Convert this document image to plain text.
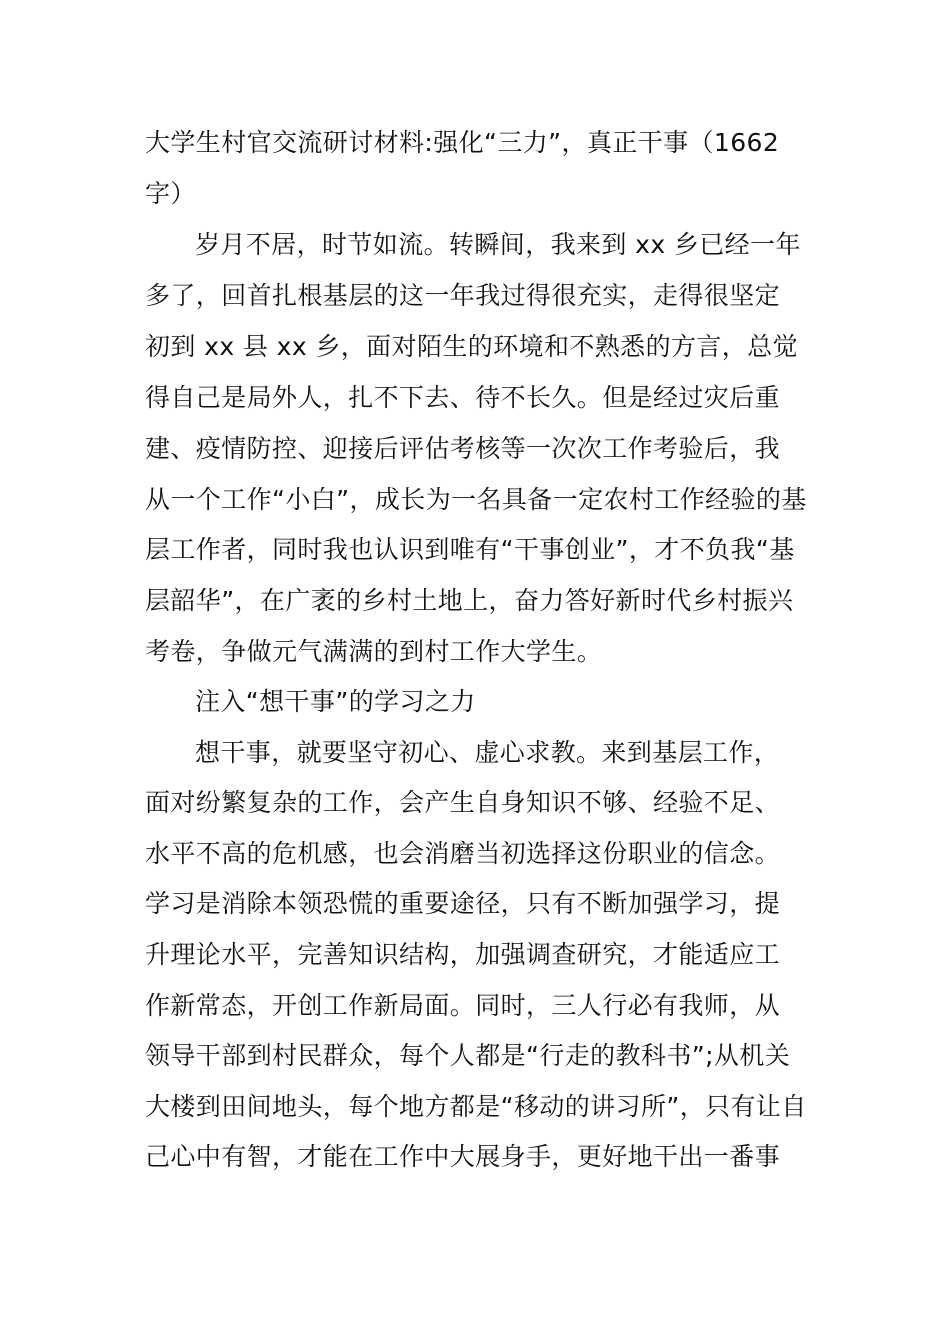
大学生村官交流研讨材料:强化“三力”，真正干事（1662
字）
岁月不居，时节如流。转瞬间，我来到 xx 乡已经一年
多了，回首扎根基层的这一年我过得很充实，走得很坚定
初到 xx 县 xx 乡，面对陌生的环境和不熟悉的方言，总觉
得自己是局外人，扎不下去、待不长久。但是经过灾后重
建、疫情防控、迎接后评估考核等一次次工作考验后，我
从一个工作“小白”，成长为一名具备一定农村工作经验的基
层工作者，同时我也认识到唯有“干事创业”，才不负我“基
层韶华”，在广袤的乡村土地上，奋力答好新时代乡村振兴
考卷，争做元气满满的到村工作大学生。
注入“想干事”的学习之力
想干事，就要坚守初心、虚心求教。来到基层工作，
面对纷繁复杂的工作，会产生自身知识不够、经验不足、
水平不高的危机感，也会消磨当初选择这份职业的信念。
学习是消除本领恐慌的重要途径，只有不断加强学习，提
升理论水平，完善知识结构，加强调查研究，才能适应工
作新常态，开创工作新局面。同时，三人行必有我师，从
领导干部到村民群众，每个人都是“行走的教科书”;从机关
大楼到田间地头，每个地方都是“移动的讲习所”，只有让自
己心中有智，才能在工作中大展身手，更好地干出一番事
